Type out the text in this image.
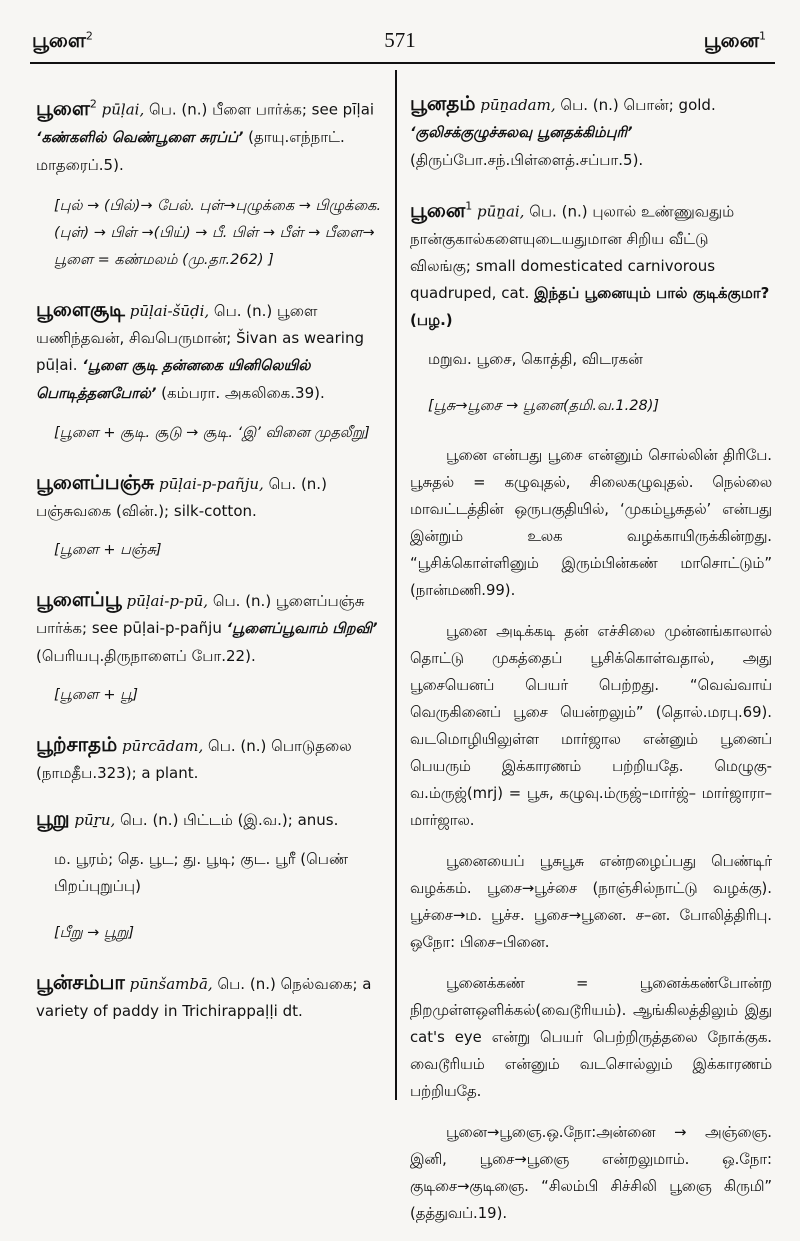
பூளை$^2$	571	பூனை$^1$
பூளை$^2$ pūḷai, பெ. (n.) பீளை பார்க்க; see pīḷai ‘கண்களில் வெண்பூளை சுரப்ப்’ (தாயு.எந்நாட். மாதரைப்.5).
[புல் → (பில்)→ பேல். புள்→புழுக்கை → பிழுக்கை. (புள்) → பிள் →(பிய்) → பீ. பிள் → பீள் → பீளை→ பூளை = கண்மலம் (மு.தா.262) ]
பூளைசூடி pūḷai-šūḍi, பெ. (n.) பூளை யணிந்தவன், சிவபெருமான்; Šivan as wearing pūḷai. ‘பூளை சூடி தன்னகை யினிலெயில் பொடித்தனபோல்’ (கம்பரா. அகலிகை.39).
[பூளை + சூடி. சூடு → சூடி. ‘இ’ வினை முதலீறு]
பூளைப்பஞ்சு pūḷai-p-pañju, பெ. (n.) பஞ்சுவகை (வின்.); silk-cotton.
[பூளை + பஞ்சு]
பூளைப்பூ pūḷai-p-pū, பெ. (n.) பூளைப்பஞ்சு பார்க்க; see pūḷai-p-pañju ‘பூளைப்பூவாம் பிறவி’ (பெரியபு.திருநாளைப் போ.22).
[பூளை + பூ]
பூற்சாதம் pūrcādam, பெ. (n.) பொடுதலை (நாமதீப.323); a plant.
பூறு pūṟu, பெ. (n.) பிட்டம் (இ.வ.); anus.
ம. பூரம்; தெ. பூட; து. பூடி; குட. பூரீ (பெண் பிறப்புறுப்பு)
[பீறு → பூறு]
பூன்சம்பா pūnšambā, பெ. (n.) நெல்வகை; a variety of paddy in Trichirappaḷḷi dt.
பூனதம் pūṉadam, பெ. (n.) பொன்; gold. ‘குலிசக்குழுச்சுலவு பூனதக்கிம்புரி’ (திருப்போ.சந்.பிள்ளைத்.சப்பா.5).
பூனை$^1$ pūṉai, பெ. (n.) புலால் உண்ணுவதும் நான்குகால்களையுடையதுமான சிறிய வீட்டு விலங்கு; small domesticated carnivorous quadruped, cat. இந்தப் பூனையும் பால் குடிக்குமா? (பழ.)
மறுவ. பூசை, கொத்தி, விடரகன்
[பூசு→பூசை → பூனை(தமி.வ.1.28)]
பூனை என்பது பூசை என்னும் சொல்லின் திரிபே. பூசுதல் = கழுவுதல், சிலைகழுவுதல். நெல்லை மாவட்டத்தின் ஒருபகுதியில், ‘முகம்பூசுதல்’ என்பது இன்றும் உலக வழக்காயிருக்கின்றது. “பூசிக்கொள்ளினும் இரும்பின்கண் மாசொட்டும்” (நான்மணி.99).
பூனை அடிக்கடி தன் எச்சிலை முன்னங்காலால் தொட்டு முகத்தைப் பூசிக்கொள்வதால், அது பூசையெனப் பெயர் பெற்றது. “வெவ்வாய் வெருகினைப் பூசை யென்றலும்” (தொல்.மரபு.69). வடமொழியிலுள்ள மார்ஜால என்னும் பூனைப் பெயரும் இக்காரணம் பற்றியதே. மெழுகு- வ.ம்ருஜ்(mrj) = பூசு, கழுவு.ம்ருஜ்–மார்ஜ்– மார்ஜாரா–மார்ஜால.
பூனையைப் பூசுபூசு என்றழைப்பது பெண்டிர் வழக்கம். பூசை→பூச்சை (நாஞ்சில்நாட்டு வழக்கு). பூச்சை→ம. பூச்ச. பூசை→பூனை. ச–ன. போலித்திரிபு. ஒநோ: பிசை–பினை.
பூனைக்கண் = பூனைக்கண்போன்ற நிறமுள்ளஒளிக்கல்(வைடூரியம்). ஆங்கிலத்திலும் இது cat's eye என்று பெயர் பெற்றிருத்தலை நோக்குக. வைடூரியம் என்னும் வடசொல்லும் இக்காரணம் பற்றியதே.
பூனை→பூஞை.ஒ.நோ:அன்னை → அஞ்ஞை. இனி, பூசை→பூஞை என்றலுமாம். ஒ.நோ: குடிசை→குடிஞை. “சிலம்பி சிச்சிலி பூஞை கிருமி” (தத்துவப்.19).
